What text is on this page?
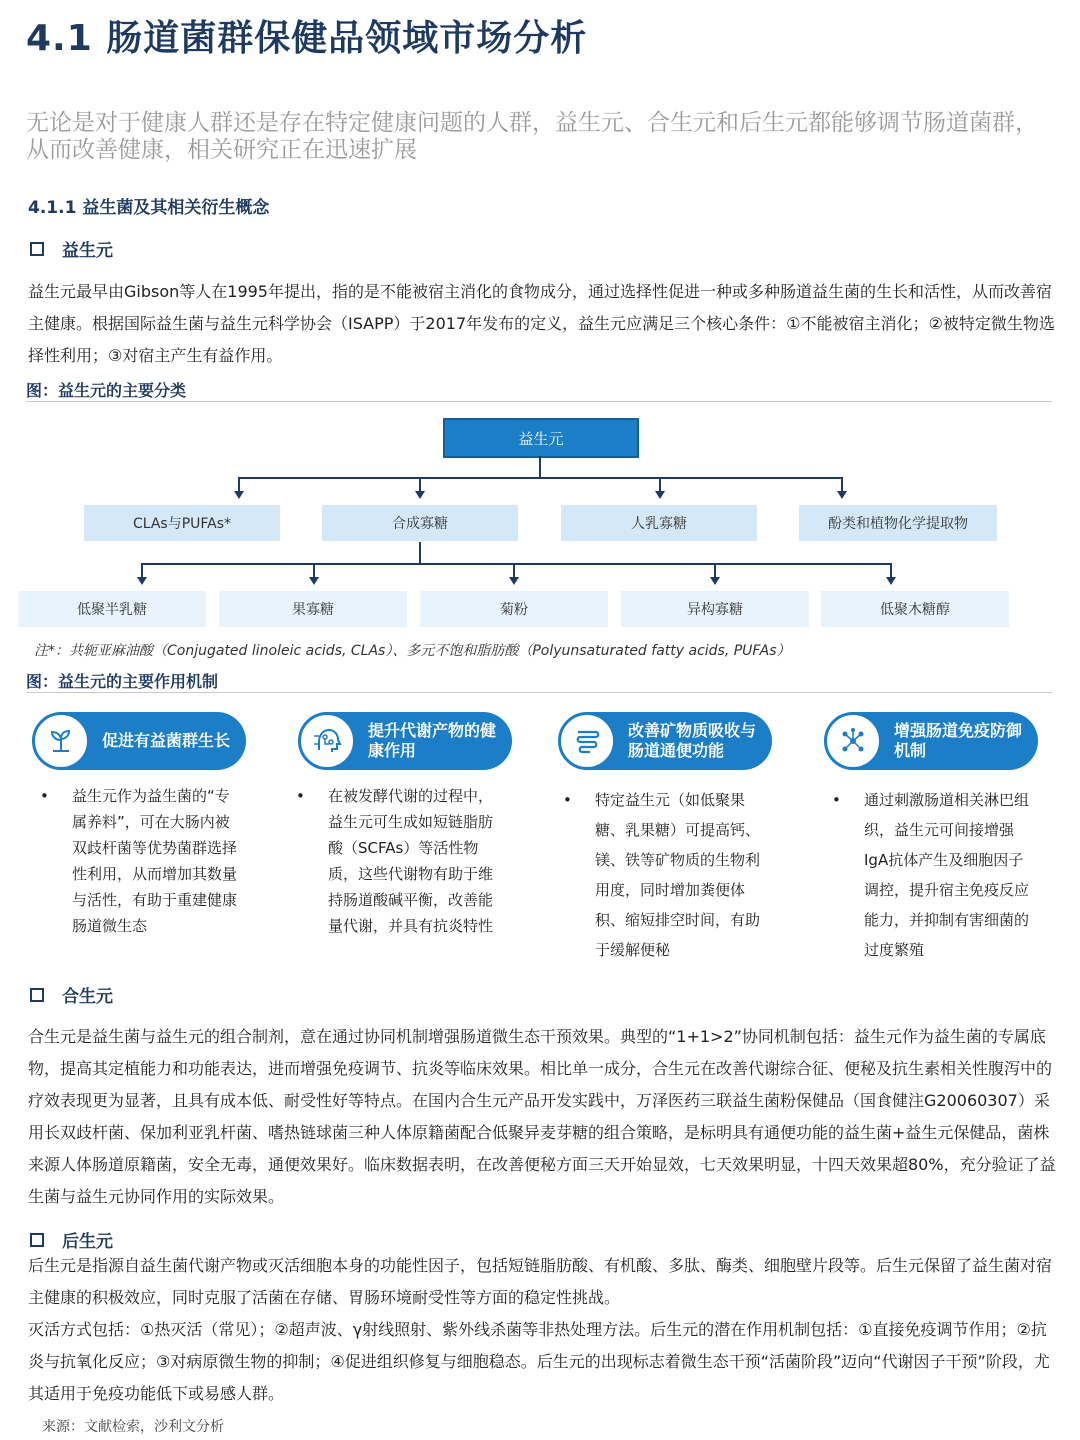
4.1 肠道菌群保健品领域市场分析
无论是对于健康人群还是存在特定健康问题的人群，益生元、合生元和后生元都能够调节肠道菌群，从而改善健康，相关研究正在迅速扩展
4.1.1 益生菌及其相关衍生概念
益生元
益生元最早由Gibson等人在1995年提出，指的是不能被宿主消化的食物成分，通过选择性促进一种或多种肠道益生菌的生长和活性，从而改善宿主健康。根据国际益生菌与益生元科学协会（ISAPP）于2017年发布的定义，益生元应满足三个核心条件：①不能被宿主消化；②被特定微生物选择性利用；③对宿主产生有益作用。
图：益生元的主要分类
益生元
CLAs与PUFAs*	合成寡糖	人乳寡糖	酚类和植物化学提取物
低聚半乳糖	果寡糖	菊粉	异构寡糖	低聚木糖醇
注*：共轭亚麻油酸（Conjugated linoleic acids, CLAs）、多元不饱和脂肪酸（Polyunsaturated fatty acids, PUFAs）
图：益生元的主要作用机制
促进有益菌群生长
提升代谢产物的健康作用
改善矿物质吸收与肠道通便功能
增强肠道免疫防御机制
• 益生元作为益生菌的“专属养料”，可在大肠内被双歧杆菌等优势菌群选择性利用，从而增加其数量与活性，有助于重建健康肠道微生态
• 在被发酵代谢的过程中，益生元可生成如短链脂肪酸（SCFAs）等活性物质，这些代谢物有助于维持肠道酸碱平衡，改善能量代谢，并具有抗炎特性
• 特定益生元（如低聚果糖、乳果糖）可提高钙、镁、铁等矿物质的生物利用度，同时增加粪便体积、缩短排空时间，有助于缓解便秘
• 通过刺激肠道相关淋巴组织，益生元可间接增强IgA抗体产生及细胞因子调控，提升宿主免疫反应能力，并抑制有害细菌的过度繁殖
合生元
合生元是益生菌与益生元的组合制剂，意在通过协同机制增强肠道微生态干预效果。典型的“1+1>2”协同机制包括：益生元作为益生菌的专属底物，提高其定植能力和功能表达，进而增强免疫调节、抗炎等临床效果。相比单一成分，合生元在改善代谢综合征、便秘及抗生素相关性腹泻中的疗效表现更为显著，且具有成本低、耐受性好等特点。在国内合生元产品开发实践中，万泽医药三联益生菌粉保健品（国食健注G20060307）采用长双歧杆菌、保加利亚乳杆菌、嗜热链球菌三种人体原籍菌配合低聚异麦芽糖的组合策略，是标明具有通便功能的益生菌+益生元保健品，菌株来源人体肠道原籍菌，安全无毒，通便效果好。临床数据表明，在改善便秘方面三天开始显效，七天效果明显，十四天效果超80%，充分验证了益生菌与益生元协同作用的实际效果。
后生元
后生元是指源自益生菌代谢产物或灭活细胞本身的功能性因子，包括短链脂肪酸、有机酸、多肽、酶类、细胞壁片段等。后生元保留了益生菌对宿主健康的积极效应，同时克服了活菌在存储、胃肠环境耐受性等方面的稳定性挑战。
灭活方式包括：①热灭活（常见）；②超声波、γ射线照射、紫外线杀菌等非热处理方法。后生元的潜在作用机制包括：①直接免疫调节作用；②抗炎与抗氧化反应；③对病原微生物的抑制；④促进组织修复与细胞稳态。后生元的出现标志着微生态干预“活菌阶段”迈向“代谢因子干预”阶段，尤其适用于免疫功能低下或易感人群。
来源：文献检索，沙利文分析
